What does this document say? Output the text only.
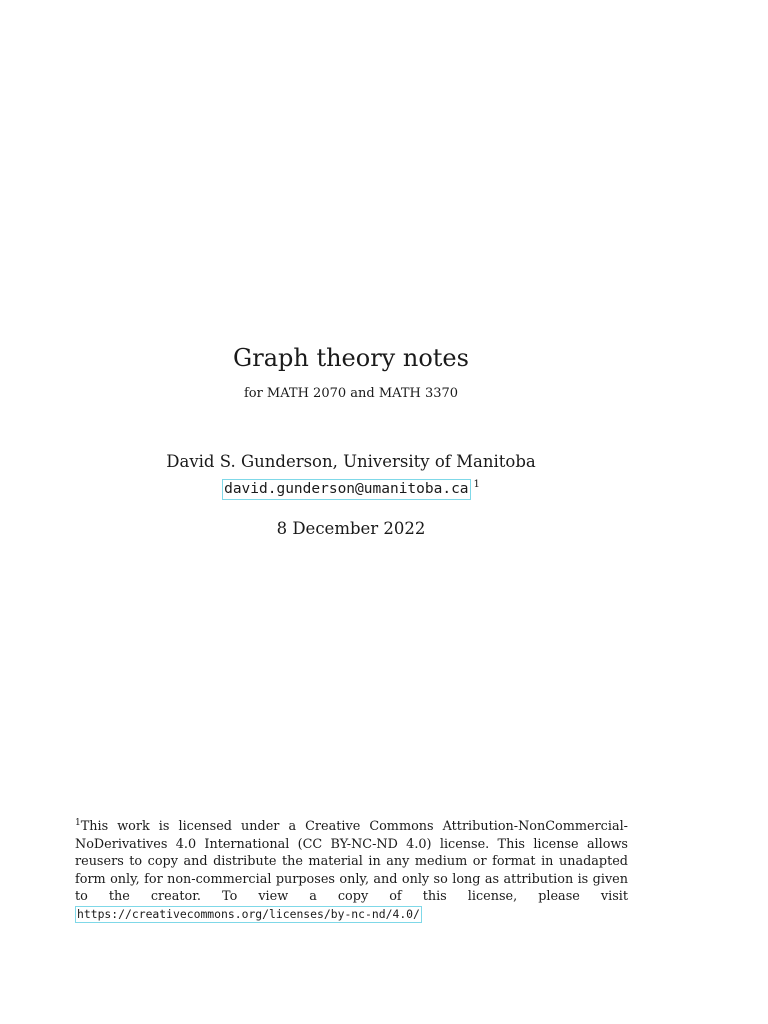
Graph theory notes
for MATH 2070 and MATH 3370
David S. Gunderson, University of Manitoba
david.gunderson@umanitoba.ca $^1$
8 December 2022
$^1$This work is licensed under a Creative Commons Attribution-NonCommercial-NoDerivatives 4.0 International (CC BY-NC-ND 4.0) license. This license allows reusers to copy and distribute the material in any medium or format in unadapted form only, for non-commercial purposes only, and only so long as attribution is given to the creator. To view a copy of this license, please visit https://creativecommons.org/licenses/by-nc-nd/4.0/
